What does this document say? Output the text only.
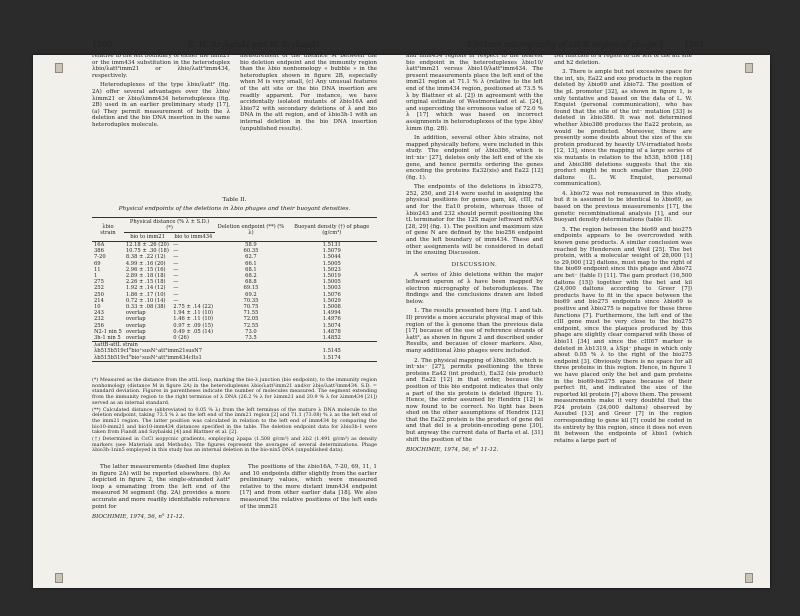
1500	E. H. Szybalski and W. Szybalski.	Electron micrography of att-N region of phage λ. 1501

relative to the left boundary of either the imm21 or the imm434 substitution in the heteroduplex λbio/λatt²imm21 or λbio/λatt²imm434, respectively.

Heteroduplexes of the type λbio/λatt² (fig. 2A) offer several advantages over the λbio/λimm21 or λbio/λimm434 heteroduplexes (fig. 2B) used in an earlier preliminary study [17], (a) They permit measurement of both the λ deletion and the bio DNA insertion in the same heteroduplex molecule.

measurement of the distance M between the bio deletion endpoint and the immunity region than the λbio nonhomology « bubble » in the heteroduplex shown in figure 2B, especially when M is very small, (c) Any unusual features of the att site or the bio DNA insertion are readily apparent. For instance, we have accidentally isolated mutants of λbio16A and λbio72 with secondary deletions of λ and bio DNA in the att region, and of λbio3h-1 with an internal deletion in the bio DNA insertion (unpublished results).

Table II.
Physical endpoints of the deletions in λbio phages and their buoyant densities.
λbio strain	Physical distance (% λ ± S.D.) (*)		Deletion endpoint (**) (% λ)	Buoyant density (†) of phage (g/cm³)
	bio to imm21	bio to imm434		
16A	12.18 ± .26 (20)	—	58.9	1.5131
386	10.75 ± .30 (18)	—	60.35	1.5079
7-20	8.38 ± .22 (12)	—	62.7	1.5044
69	4.99 ± .16 (20)	—	66.1	1.5005
11	2.96 ± .15 (16)	—	68.1	1.5023
1	2.89 ± .18 (18)	—	68.2	1.5019
275	2.26 ± .15 (18)	—	68.8	1.5005
252	1.92 ± .14 (12)	—	69.15	1.5003
250	1.86 ± .17 (10)	—	69.2	1.5076
214	0.72 ± .10 (14)	—	70.35	1.5029
10	0.33 ± .08 (38)	2.75 ± .14 (22)	70.75	1.5008
243	overlap	1.94 ± .11 (10)	71.55	1.4994
232	overlap	1.46 ± .11 (10)	72.05	1.4976
256	overlap	0.97 ± .09 (15)	72.55	1.5074
N2-1 nin 5	overlap	0.49 ± .05 (14)	73.0	1.4878
3h-1 nin 5	overlap	0 (26)	73.5	1.4852
λattB-attL strain				
λb515b519cI°bio⁺susN⁺att²imm21susN7				1.5145
λb515b519cI°bio⁺susN⁺att²imm434cIts1				1.5174

(*) Measured as the distance from the attL loop, marking the bio-λ junction (bio endpoint), to the immunity region nonhomology (distance M in figure 2A) in the heteroduplexes λbio/λatt²imm21 and/or λbio/λatt²imm434. S.D. = standard deviation. Figures in parentheses indicate the number of molecules measured. The segment extending from the immunity region to the right terminus of λ DNA (26.2 % λ for λimm21 and 20.9 % λ for λimm434 [21]) served as an internal standard.

(**) Calculated distance (abbreviated to 0.05 % λ) from the left terminus of the mature λ DNA molecule to the deletion endpoint, taking 73.5 % λ as the left end of the imm21 region [2] and 71.1 (73.08) % λ as the left end of the imm21 region. The latter position was calculated in relation to the left end of imm434 by comparing the bio10-imm21 and bio10-imm434 distances specified in the table. The deletion endpoint data for λbio3h-1 were taken from Fiandt and Szybalski [4] and Blattner et al. [2].

(†) Determined in CsCl isopycnic gradients, employing λpapa (1.508 g/cm³) and λb2 (1.491 g/cm³) as density markers (see Materials and Methods). The figures represent the averages of several determinations. Phage λbio3h-1nin5 employed in this study has an internal deletion in the bio-nin5 DNA (unpublished data).

The latter measurements (dashed line duplex in figure 2A) will be reported elsewhere. (b) As depicted in figure 2, the single-stranded λatt² loop a emanating from the left end of the measured M segment (fig. 2A) provides a more accurate and more readily identifiable reference point for

BIOCHIMIE, 1974, 56, n° 11-12.

The positions of the λbio16A, 7-20, 69, 11, 1 and 10 endpoints differ slightly from the earlier preliminary values, which were measured relative to the more distant imm434 endpoint [17] and from other earlier data [18]. We also measured the relative positions of the left ends of the imm21

and imm434 regions in respect to the nearest bio endpoint in the heteroduplexes λbio10/λatt²imm21 versus λbio10/λatt²imm434. The present measurements place the left end of the imm21 region at 71.1 % λ (relative to the left end of the imm434 region, positioned at 73.5 % λ by Blattner et al. [2]) in agreement with the original estimate of Westmoreland et al. [24], and superceding the erroneous value of 72.0 % λ [17] which was based on incorrect assignments in heteroduplexes of the type λbio/λimm (fig. 2B).

In addition, several other λbio strains, not mapped physically before, were included in this study. The endpoint of λbio386, which is int⁻xis⁻ [27], deletes only the left end of the xis gene, and hence permits ordering the genes encoding the proteins Ea32(xis) and Ea22 [12] (fig. 1).

The endpoints of the deletions in λbio275, 252, 250, and 214 were useful in assigning the physical positions for genes gam, kil, cIII, ral and for the Ea10 protein, whereas those of λbio243 and 232 should permit positioning the tL terminator for the 12S major leftward mRNA [28, 29] (fig. 1). The position and maximum size of gene N are defined by the bio256 endpoint and the left boundary of imm434. These and other assignments will be considered in detail in the ensuing Discussion.

DISCUSSION.

A series of λbio deletions within the major leftward operon of λ have been mapped by electron micrography of heteroduplexes. The findings and the conclusions drawn are listed below.

1. The results presented here (fig. 1 and tab. II) provide a more accurate physical map of this region of the λ genome than the previous data [17] because of the use of reference strands of λatt², as shown in figure 2 and described under Results, and because of closer markers. Also, many additional λbio phages were included.

2. The physical mapping of λbio386, which is int⁻xis⁻ [27], permits positioning the three proteins Ea42 (int product), Ea32 (xis product) and Ea22 [12] in that order, because the position of this bio endpoint indicates that only a part of the xis protein is deleted (figure 1). Hence, the order assumed by Hendrix [12] is now found to be correct. No light has been shed on the other assumptions of Hendrix [12] that the Ea22 protein is the product of gene del and that del is a protein-encoding gene [30], but anyway the current data of Barta et al. [31] shift the position of the

BIOCHIMIE, 1974, 56, n° 11-12.

Del function to a region to the left of the att site and h2 deletion.

3. There is ample but not excessive space for the int, xis, Ea22 and exo products in the region deleted by λbio69 and λbio72. The position of the pL promoter [32], as shown in figure 1, is only tentative and based on the data of L. W. Enquist (personal communication), who has found that the site of the int⁻ mutation [33] is deleted in λbio386. It was not determined whether λbio386 produces the Ea22 protein, as would be predicted. Moreover, there are presently some doubts about the size of the xis protein produced by heavily UV-irradiated hosts [12, 13], since the mapping of a large series of xis mutants in relation to the b538, b508 [18] and λbio386 deletions suggests that the xis product might be much smaller than 22,000 daltons (L. W. Enquist, personal communication).

4. λbio72 was not remeasured in this study, but it is assumed to be identical to λbio69, as based on the previous measurements [17], the genetic recombinational analysis [1], and our buoyant density determinations (table II).

5. The region between the bio69 and bio275 endpoints appears to be overcrowded with known gene products. A similar conclusion was reached by Henderson and Weil [25]. The bet protein, with a molecular weight of 28,000 [1] to 29,000 [12] daltons, must map to the right of the bio69 endpoint since this phage and λbio72 are bet⁻ (table I) [11]. The gam product (16,500 daltons [15]) together with the bet and kil (24,000 daltons according to Greer [7]) products have to fit in the space between the bio69 and bio275 endpoints since λbio69 is positive and λbio275 is negative for these three functions [7]. Furthermore, the left end of the cIII gene must be very close to the bio275 endpoint, since the plaques produced by this phage are slightly clear compared with those of λbio11 [34] and since the cIII67 marker is deleted in λb1319, a λSpi⁻ phage in which only about 0.05 % λ to the right of the bio275 endpoint [3]. Obviously there is no space for all three proteins in this region. Hence, in figure 1 we have placed only the bet and gam proteins in the bio69-bio275 space because of their perfect fit, and indicated the size of the reported kil protein [7] above them. The present measurements make it very doubtful that the P24 protein (24,000 daltons) observed by Ausubel [13] and Greer [7] in the region corresponding to gene kil [7] could be coded in its entirety by this region, since it does not even fit between the endpoints of λbio1 (which retains a large part of
